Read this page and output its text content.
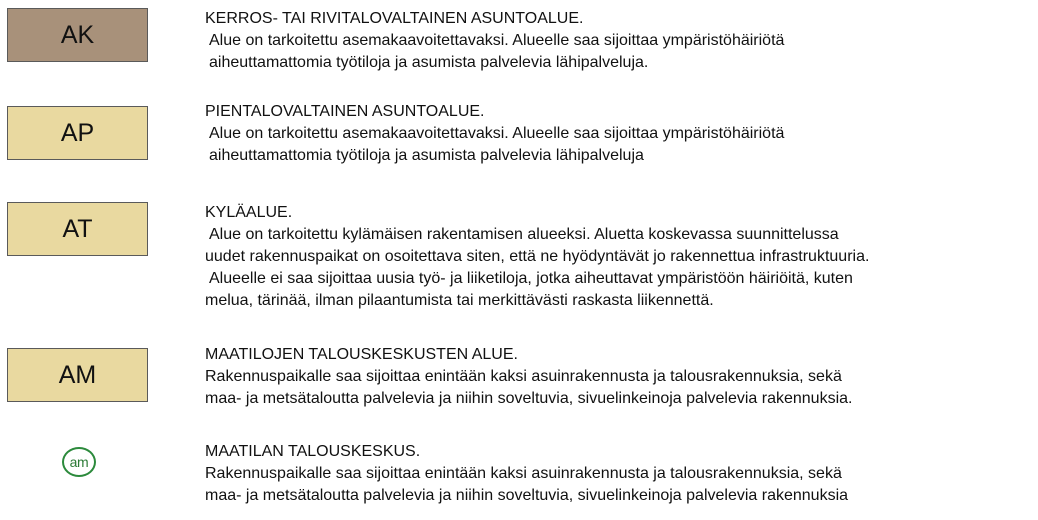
AK
KERROS- TAI RIVITALOVALTAINEN ASUNTOALUE.
Alue on tarkoitettu asemakaavoitettavaksi. Alueelle saa sijoittaa ympäristöhäiriötä
aiheuttamattomia työtiloja ja asumista palvelevia lähipalveluja.
AP
PIENTALOVALTAINEN ASUNTOALUE.
Alue on tarkoitettu asemakaavoitettavaksi. Alueelle saa sijoittaa ympäristöhäiriötä
aiheuttamattomia työtiloja ja asumista palvelevia lähipalveluja
AT
KYLÄALUE.
Alue on tarkoitettu kylämäisen rakentamisen alueeksi. Aluetta koskevassa suunnittelussa
uudet rakennuspaikat on osoitettava siten, että ne hyödyntävät jo rakennettua infrastruktuuria.
Alueelle ei saa sijoittaa uusia työ- ja liiketiloja, jotka aiheuttavat ympäristöön häiriöitä, kuten
melua, tärinää, ilman pilaantumista tai merkittävästi raskasta liikennettä.
AM
MAATILOJEN TALOUSKESKUSTEN ALUE.
Rakennuspaikalle saa sijoittaa enintään kaksi asuinrakennusta ja talousrakennuksia, sekä
maa- ja metsätaloutta palvelevia ja niihin soveltuvia, sivuelinkeinoja palvelevia rakennuksia.
am
MAATILAN TALOUSKESKUS.
Rakennuspaikalle saa sijoittaa enintään kaksi asuinrakennusta ja talousrakennuksia, sekä
maa- ja metsätaloutta palvelevia ja niihin soveltuvia, sivuelinkeinoja palvelevia rakennuksia
